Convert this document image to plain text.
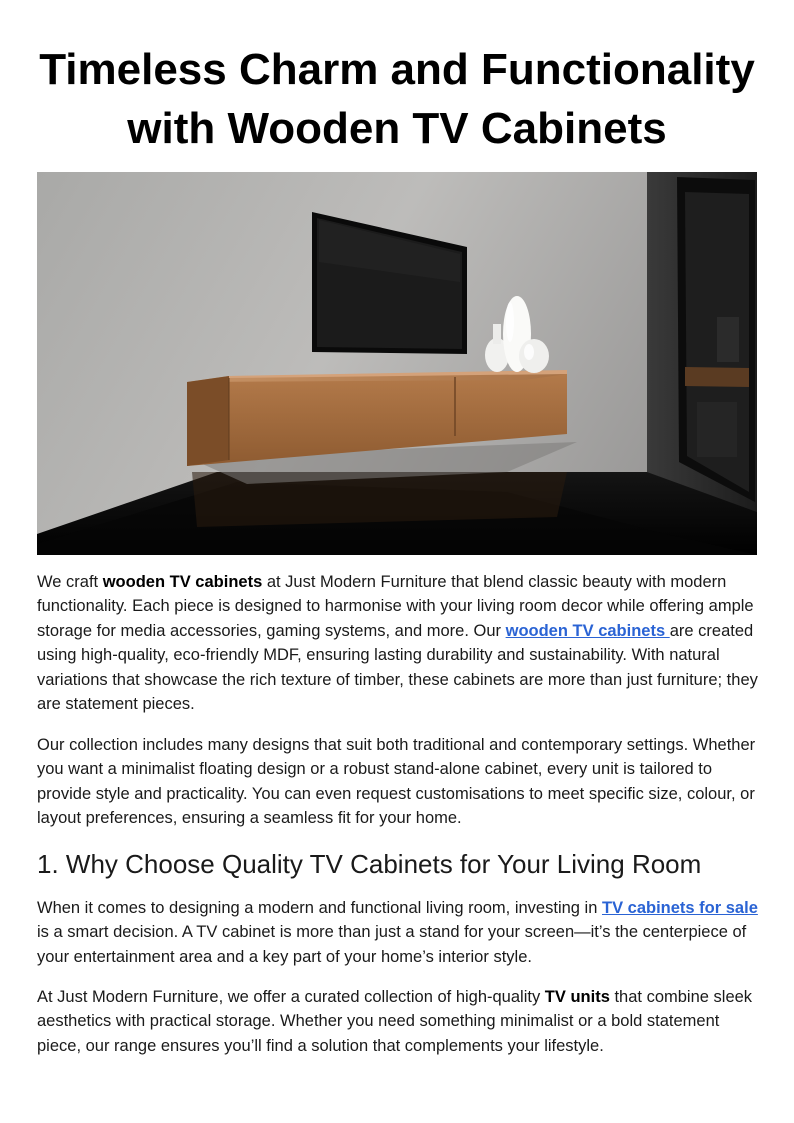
Timeless Charm and Functionality with Wooden TV Cabinets

We craft wooden TV cabinets at Just Modern Furniture that blend classic beauty with modern functionality. Each piece is designed to harmonise with your living room decor while offering ample storage for media accessories, gaming systems, and more. Our wooden TV cabinets are created using high-quality, eco-friendly MDF, ensuring lasting durability and sustainability. With natural variations that showcase the rich texture of timber, these cabinets are more than just furniture; they are statement pieces.

Our collection includes many designs that suit both traditional and contemporary settings. Whether you want a minimalist floating design or a robust stand-alone cabinet, every unit is tailored to provide style and practicality. You can even request customisations to meet specific size, colour, or layout preferences, ensuring a seamless fit for your home.

1. Why Choose Quality TV Cabinets for Your Living Room

When it comes to designing a modern and functional living room, investing in TV cabinets for sale is a smart decision. A TV cabinet is more than just a stand for your screen—it’s the centerpiece of your entertainment area and a key part of your home’s interior style.

At Just Modern Furniture, we offer a curated collection of high-quality TV units that combine sleek aesthetics with practical storage. Whether you need something minimalist or a bold statement piece, our range ensures you’ll find a solution that complements your lifestyle.
